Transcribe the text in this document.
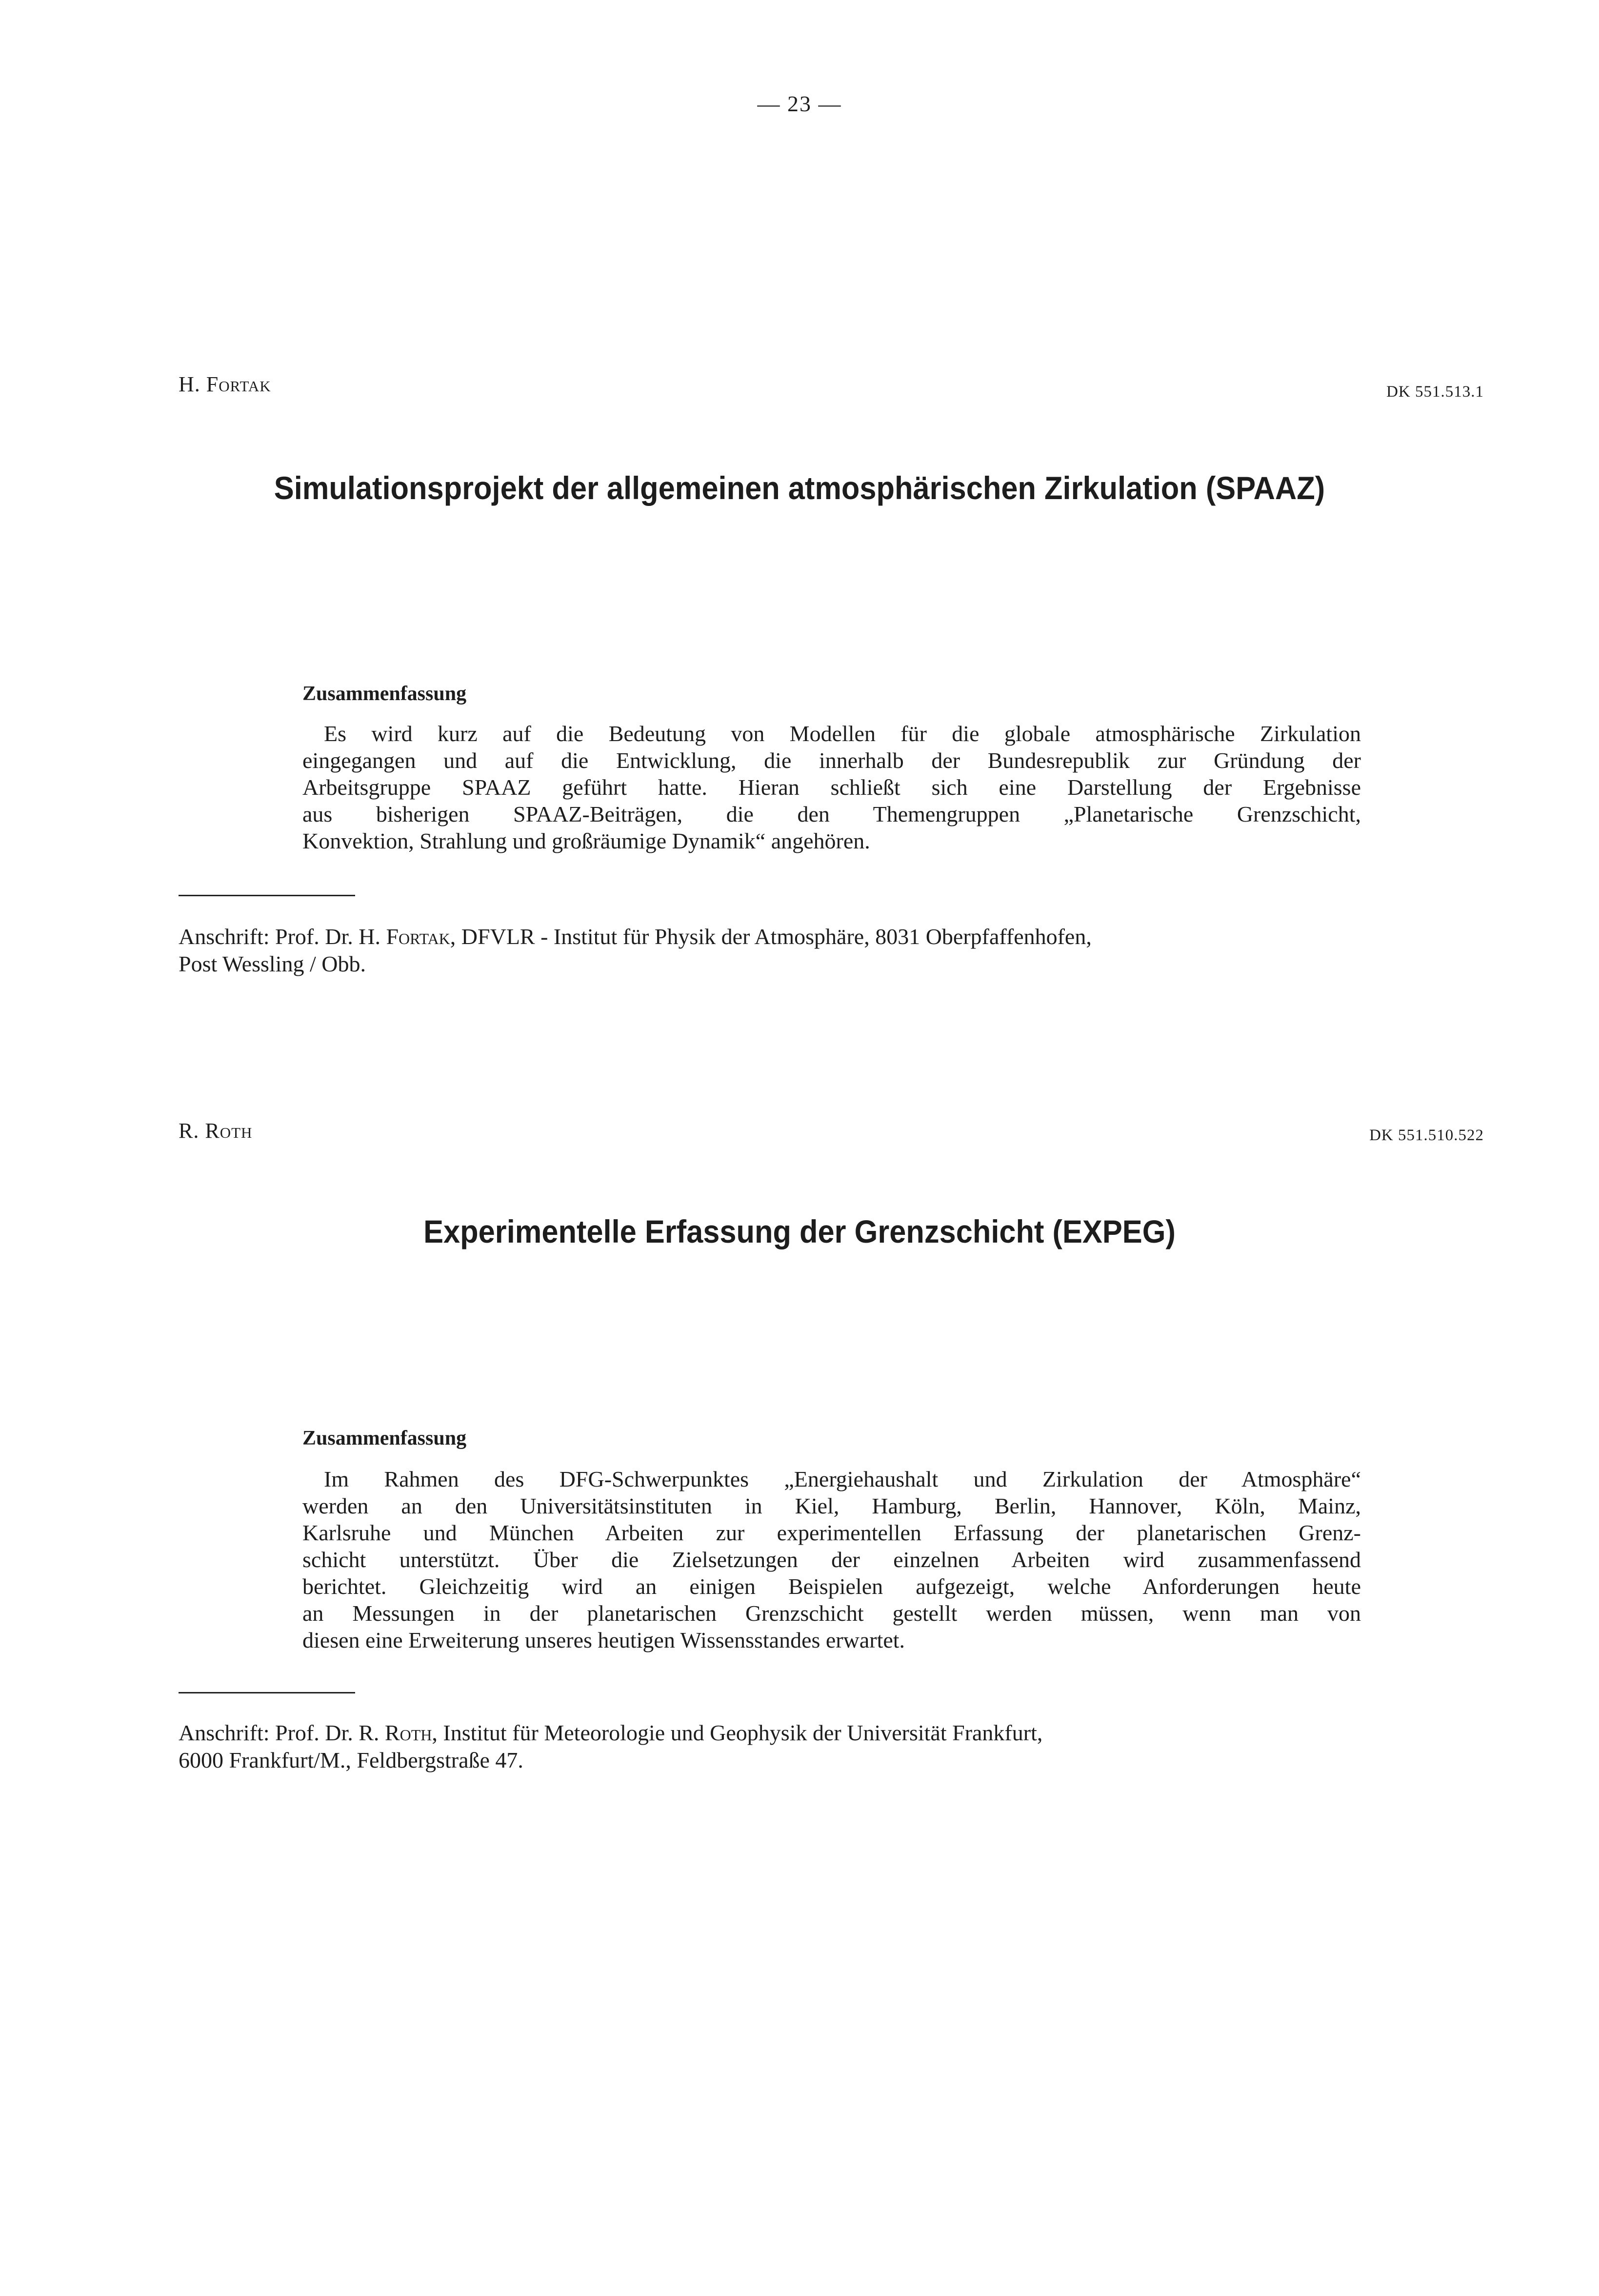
— 23 —
H. Fortak	DK 551.513.1
Simulationsprojekt der allgemeinen atmosphärischen Zirkulation (SPAAZ)
Zusammenfassung
Es wird kurz auf die Bedeutung von Modellen für die globale atmosphärische Zirkulation
eingegangen und auf die Entwicklung, die innerhalb der Bundesrepublik zur Gründung der
Arbeitsgruppe SPAAZ geführt hatte. Hieran schließt sich eine Darstellung der Ergebnisse
aus bisherigen SPAAZ-Beiträgen, die den Themengruppen „Planetarische Grenzschicht,
Konvektion, Strahlung und großräumige Dynamik“ angehören.
Anschrift: Prof. Dr. H. Fortak, DFVLR - Institut für Physik der Atmosphäre, 8031 Oberpfaffenhofen,
Post Wessling / Obb.
R. Roth	DK 551.510.522
Experimentelle Erfassung der Grenzschicht (EXPEG)
Zusammenfassung
Im Rahmen des DFG-Schwerpunktes „Energiehaushalt und Zirkulation der Atmosphäre“
werden an den Universitätsinstituten in Kiel, Hamburg, Berlin, Hannover, Köln, Mainz,
Karlsruhe und München Arbeiten zur experimentellen Erfassung der planetarischen Grenz-
schicht unterstützt. Über die Zielsetzungen der einzelnen Arbeiten wird zusammenfassend
berichtet. Gleichzeitig wird an einigen Beispielen aufgezeigt, welche Anforderungen heute
an Messungen in der planetarischen Grenzschicht gestellt werden müssen, wenn man von
diesen eine Erweiterung unseres heutigen Wissensstandes erwartet.
Anschrift: Prof. Dr. R. Roth, Institut für Meteorologie und Geophysik der Universität Frankfurt,
6000 Frankfurt/M., Feldbergstraße 47.
